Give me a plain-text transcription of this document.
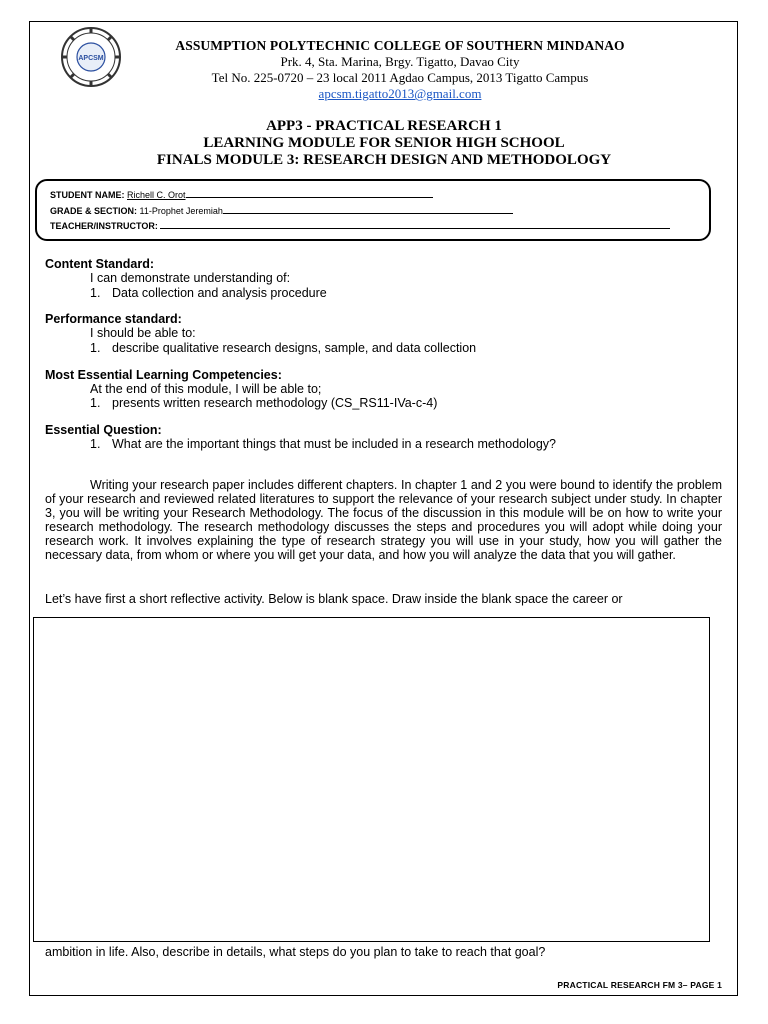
APCSM
ASSUMPTION POLYTECHNIC COLLEGE OF SOUTHERN MINDANAO
Prk. 4, Sta. Marina, Brgy. Tigatto, Davao City
Tel No. 225-0720 – 23 local 2011 Agdao Campus, 2013 Tigatto Campus
apcsm.tigatto2013@gmail.com
APP3 - PRACTICAL RESEARCH 1
LEARNING MODULE FOR SENIOR HIGH SCHOOL
FINALS MODULE 3: RESEARCH DESIGN AND METHODOLOGY
STUDENT NAME: Richell C. Orot
GRADE & SECTION: 11-Prophet Jeremiah
TEACHER/INSTRUCTOR:
Content Standard:
I can demonstrate understanding of:
1. Data collection and analysis procedure
Performance standard:
I should be able to:
1. describe qualitative research designs, sample, and data collection
Most Essential Learning Competencies:
At the end of this module, I will be able to;
1. presents written research methodology (CS_RS11-IVa-c-4)
Essential Question:
1. What are the important things that must be included in a research methodology?
Writing your research paper includes different chapters. In chapter 1 and 2 you were bound to identify the problem of your research and reviewed related literatures to support the relevance of your research subject under study. In chapter 3, you will be writing your Research Methodology. The focus of the discussion in this module will be on how to write your research methodology. The research methodology discusses the steps and procedures you will adopt while doing your research work. It involves explaining the type of research strategy you will use in your study, how you will gather the necessary data, from whom or where you will get your data, and how you will analyze the data that you will gather.
Let’s have first a short reflective activity. Below is blank space. Draw inside the blank space the career or
ambition in life. Also, describe in details, what steps do you plan to take to reach that goal?
PRACTICAL RESEARCH FM 3– PAGE 1
